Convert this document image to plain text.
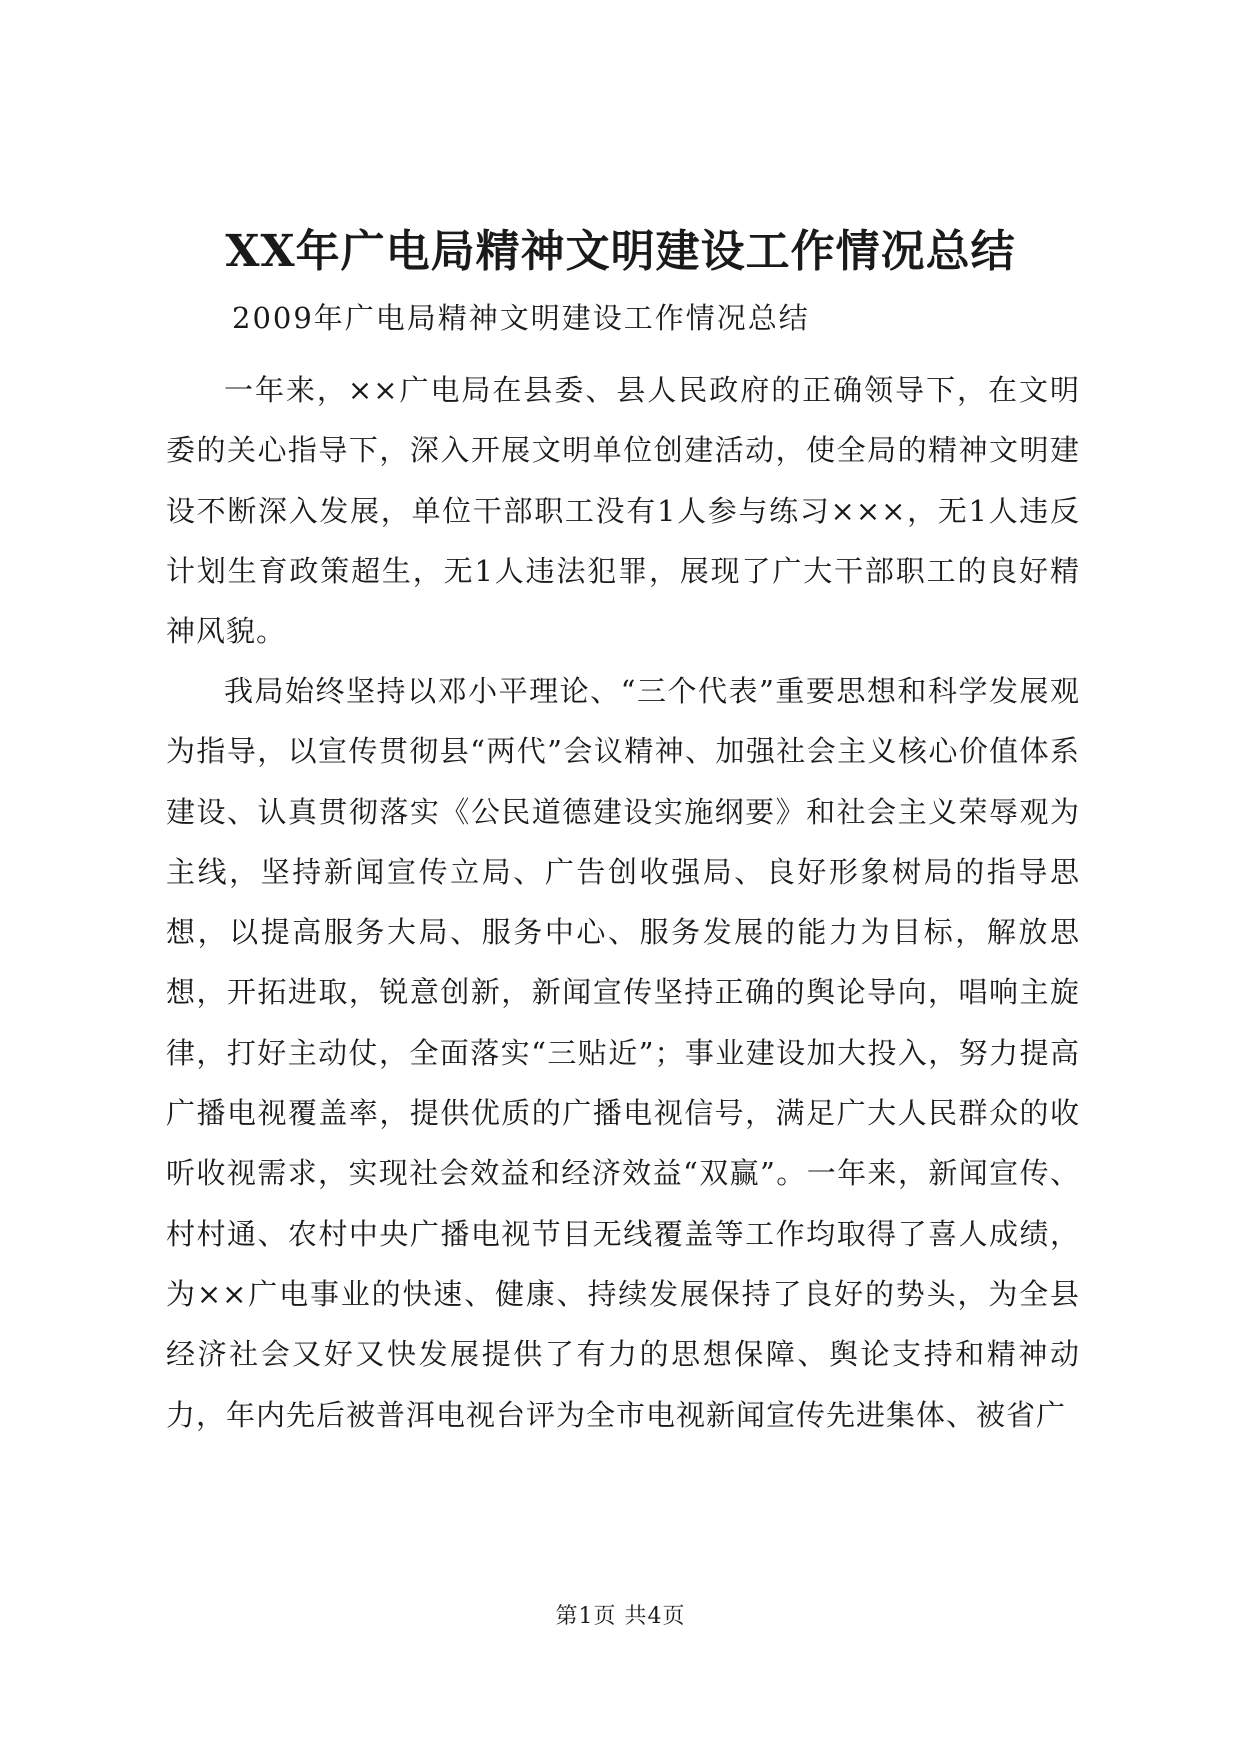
XX年广电局精神文明建设工作情况总结
2009年广电局精神文明建设工作情况总结

一年来，××广电局在县委、县人民政府的正确领导下，在文明委的关心指导下，深入开展文明单位创建活动，使全局的精神文明建设不断深入发展，单位干部职工没有1人参与练习×××，无1人违反计划生育政策超生，无1人违法犯罪，展现了广大干部职工的良好精神风貌。

我局始终坚持以邓小平理论、“三个代表”重要思想和科学发展观为指导，以宣传贯彻县“两代”会议精神、加强社会主义核心价值体系建设、认真贯彻落实《公民道德建设实施纲要》和社会主义荣辱观为主线，坚持新闻宣传立局、广告创收强局、良好形象树局的指导思想，以提高服务大局、服务中心、服务发展的能力为目标，解放思想，开拓进取，锐意创新，新闻宣传坚持正确的舆论导向，唱响主旋律，打好主动仗，全面落实“三贴近”；事业建设加大投入，努力提高广播电视覆盖率，提供优质的广播电视信号，满足广大人民群众的收听收视需求，实现社会效益和经济效益“双赢”。一年来，新闻宣传、村村通、农村中央广播电视节目无线覆盖等工作均取得了喜人成绩，为××广电事业的快速、健康、持续发展保持了良好的势头，为全县经济社会又好又快发展提供了有力的思想保障、舆论支持和精神动力，年内先后被普洱电视台评为全市电视新闻宣传先进集体、被省广

第1页 共4页
